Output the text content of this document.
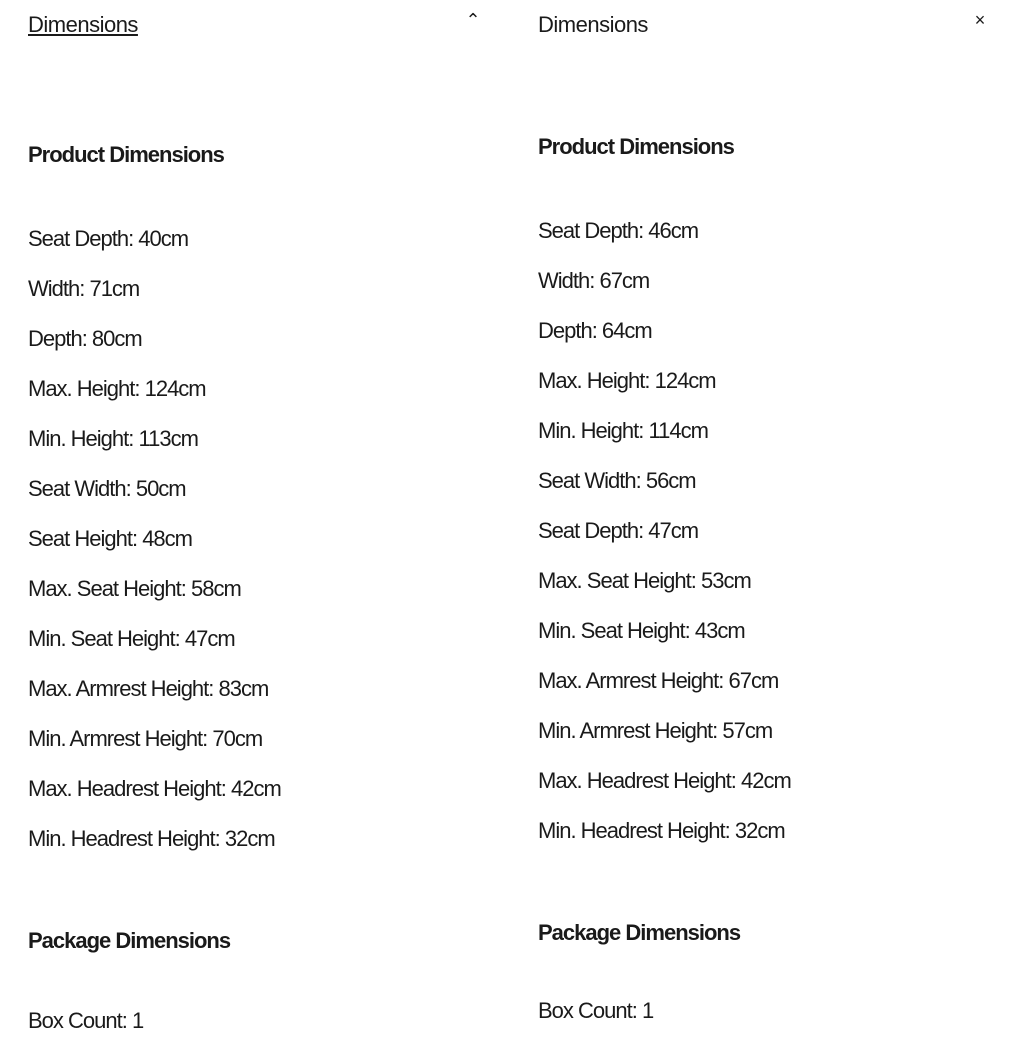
Dimensions	⌃
Product Dimensions
Seat Depth: 40cm
Width: 71cm
Depth: 80cm
Max. Height: 124cm
Min. Height: 113cm
Seat Width: 50cm
Seat Height: 48cm
Max. Seat Height: 58cm
Min. Seat Height: 47cm
Max. Armrest Height: 83cm
Min. Armrest Height: 70cm
Max. Headrest Height: 42cm
Min. Headrest Height: 32cm
Package Dimensions
Box Count: 1
Dimensions	×
Product Dimensions
Seat Depth: 46cm
Width: 67cm
Depth: 64cm
Max. Height: 124cm
Min. Height: 114cm
Seat Width: 56cm
Seat Depth: 47cm
Max. Seat Height: 53cm
Min. Seat Height: 43cm
Max. Armrest Height: 67cm
Min. Armrest Height: 57cm
Max. Headrest Height: 42cm
Min. Headrest Height: 32cm
Package Dimensions
Box Count: 1
